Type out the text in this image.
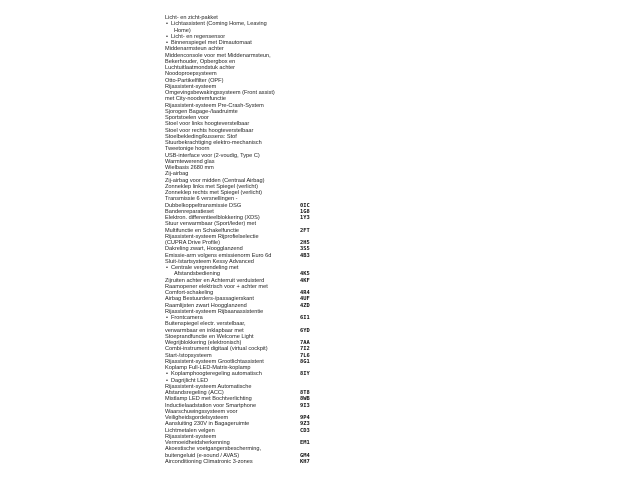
Licht- en zicht-pakket
• Lichtassistent (Coming Home, Leaving
Home)
• Licht- en regensensor
• Binnenspiegel met Dimautomaat
Middenarmsteun achter
Middenconsole voor met Middenarmsteun,
Bekerhouder, Opbergbox en
Luchtuitlaatmondstuk achter
Noodoproepsysteem
Otto-Partikelfilter (OPF)
Rijassistent-systeem
Omgevingsbewakingssysteem (Front assist)
met City-noodremfunctie
Rijassistent-systeem Pre-Crash-System
Sjorogen Bagage-/laadruimte
Sportstoelen voor
Stoel voor links hoogteverstelbaar
Stoel voor rechts hoogteverstelbaar
Stoelbekleding/kussens: Stof
Stuurbekrachtiging elektro-mechanisch
Tweetonige hoorn
USB-interface voor (2-voudig, Type C)
Warmtewerend glas
Wielbasis 2680 mm
Zij-airbag
Zij-airbag voor midden (Centraal Airbag)
Zonneklep links met Spiegel (verlicht)
Zonneklep rechts met Spiegel (verlicht)
Transmissie 6 versnellingen -
Dubbelkoppeltransmissie DSG	0IC
Bandenreparatieset	1G8
Elektron. differentieelblokkering (XDS)	1Y3
Stuur verwarmbaar (Sport/leder) met
Multifunctie en Schakelfunctie	2FT
Rijassistent-systeem Rijprofielselectie
(CUPRA Drive Profile)	2H5
Dakreling zwart, Hoogglanzend	3S5
Emissie-arm volgens emissienorm Euro 6d	4B3
Sluit-/startsysteem Kessy Advanced
• Centrale vergrendeling met
Afstandsbediening	4K5
Zijruiten achter en Achterruit verduisterd	4KF
Raamopener elektrisch voor + achter met
Comfort-schakeling	4R4
Airbag Bestuurders-/passagierskant	4UF
Raamlijsten zwart Hoogglanzend	4ZD
Rijassistent-systeem Rijbaanassistentie
• Frontcamera	6I1
Buitenspiegel electr. verstelbaar,
verwarmbaar en inklapbaar met	6YD
Stoeprandfunctie en Welcome Light
Wegrijblokkering (elektronisch)	7AA
Combi-instrument digitaal (virtual cockpit)	7I2
Start-/stopsysteem	7L6
Rijassistent-systeem Grootlichtassistent	8G1
Koplamp Full-LED-Matrix-koplamp
• Koplamphoogteregeling automatisch	8IY
• Dagrijlicht LED
Rijassistent-systeem Automatische
Afstandsregeling (ACC)	8T8
Mistlamp LED met Bochtverlichting	8WB
Inductielaadstation voor Smartphone	9I3
Waarschuwingssysteem voor
Veiligheidsgordelsysteem	9P4
Aansluiting 230V in Bagageruimte	9Z3
Lichtmetalen velgen	CD3
Rijassistent-systeem
Vermoeidheidsherkenning	EM1
Akoestische voetgangersbescherming,
buitengeluid (e-sound / AVAS)	GM4
Airconditioning Climatronic 3-zones	KH7
